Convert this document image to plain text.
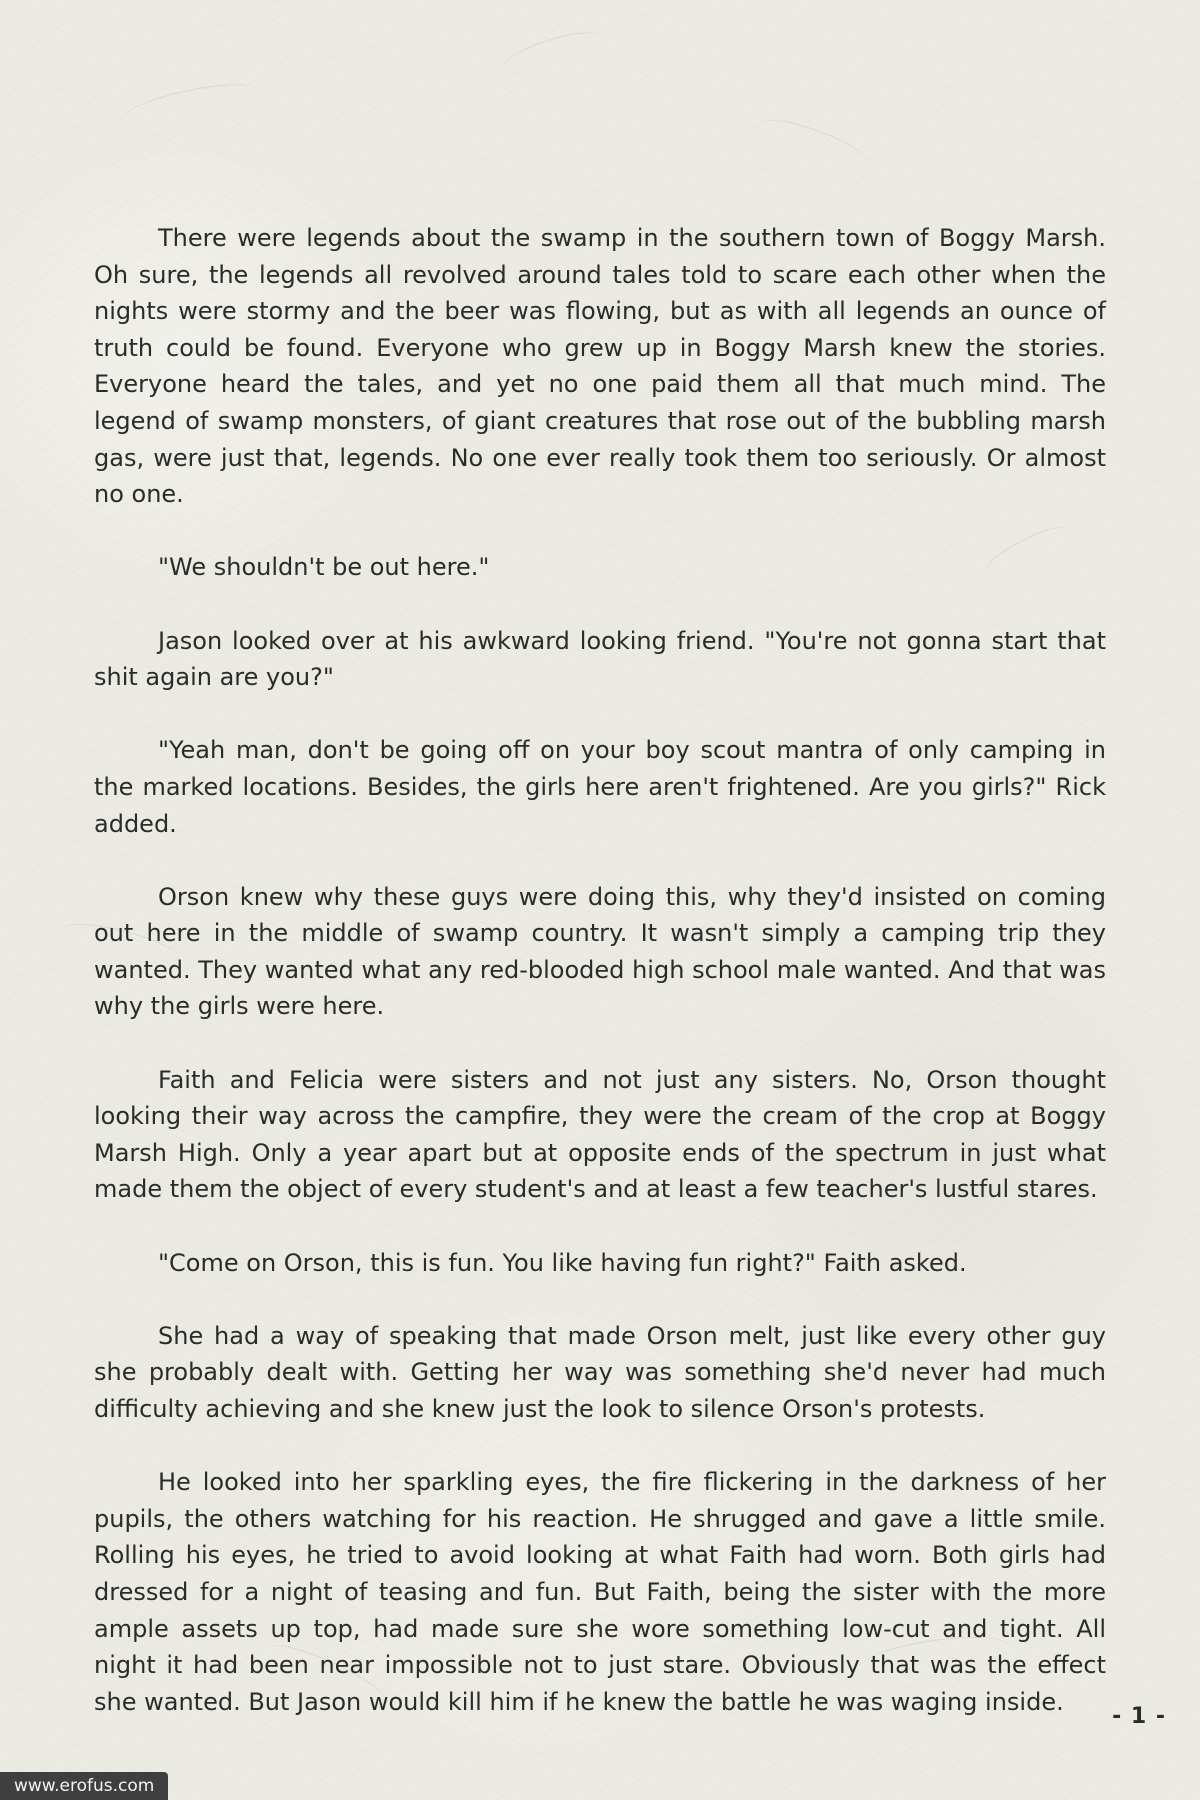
There were legends about the swamp in the southern town of Boggy Marsh. Oh sure, the legends all revolved around tales told to scare each other when the nights were stormy and the beer was flowing, but as with all legends an ounce of truth could be found. Everyone who grew up in Boggy Marsh knew the stories. Everyone heard the tales, and yet no one paid them all that much mind. The legend of swamp monsters, of giant creatures that rose out of the bubbling marsh gas, were just that, legends. No one ever really took them too seriously. Or almost no one.

"We shouldn't be out here."

Jason looked over at his awkward looking friend. "You're not gonna start that shit again are you?"

"Yeah man, don't be going off on your boy scout mantra of only camping in the marked locations. Besides, the girls here aren't frightened. Are you girls?" Rick added.

Orson knew why these guys were doing this, why they'd insisted on coming out here in the middle of swamp country. It wasn't simply a camping trip they wanted. They wanted what any red-blooded high school male wanted. And that was why the girls were here.

Faith and Felicia were sisters and not just any sisters. No, Orson thought looking their way across the campfire, they were the cream of the crop at Boggy Marsh High. Only a year apart but at opposite ends of the spectrum in just what made them the object of every student's and at least a few teacher's lustful stares.

"Come on Orson, this is fun. You like having fun right?" Faith asked.

She had a way of speaking that made Orson melt, just like every other guy she probably dealt with. Getting her way was something she'd never had much difficulty achieving and she knew just the look to silence Orson's protests.

He looked into her sparkling eyes, the fire flickering in the darkness of her pupils, the others watching for his reaction. He shrugged and gave a little smile. Rolling his eyes, he tried to avoid looking at what Faith had worn. Both girls had dressed for a night of teasing and fun. But Faith, being the sister with the more ample assets up top, had made sure she wore something low-cut and tight. All night it had been near impossible not to just stare. Obviously that was the effect she wanted. But Jason would kill him if he knew the battle he was waging inside.

- 1 -
www.erofus.com
